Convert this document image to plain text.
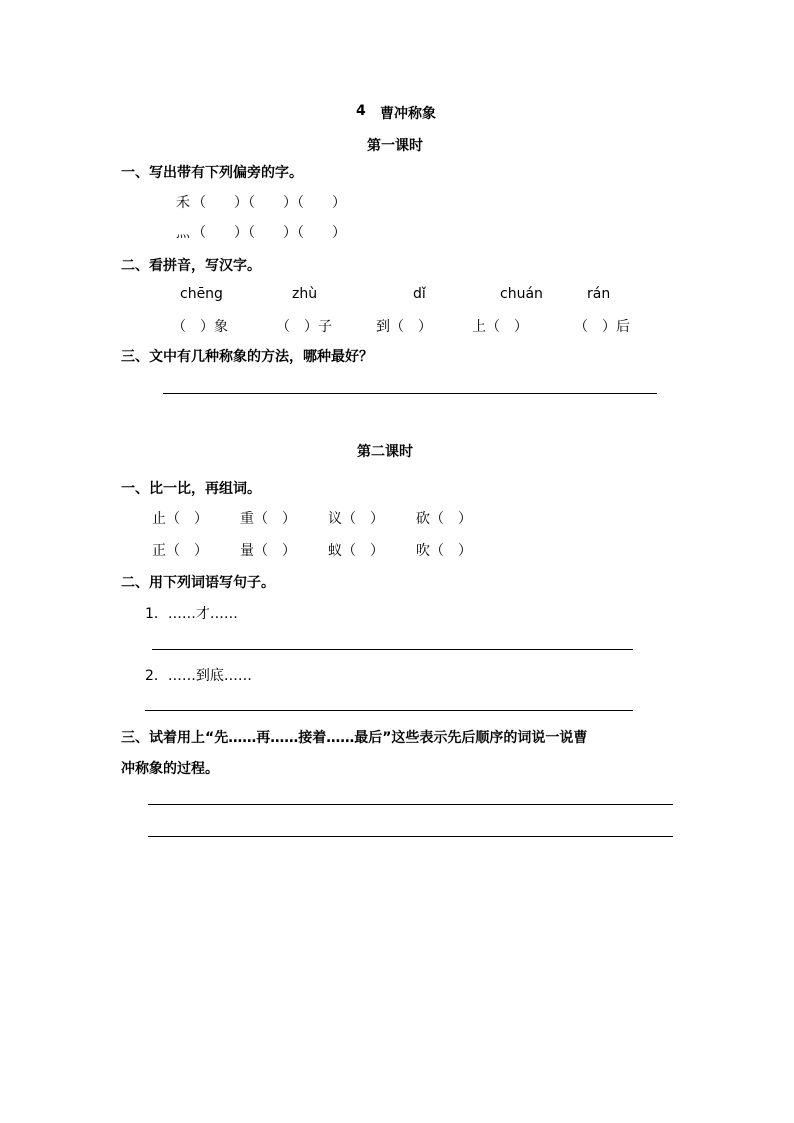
4 曹冲称象
第一课时
一、写出带有下列偏旁的字。
禾 （　　）（　　）（　　）
灬 （　　）（　　）（　　）
二、看拼音，写汉字。
chēng	zhù	dǐ	chuán	rán
（　）象	（　）子	到（　）	上（　）	（　）后
三、文中有几种称象的方法，哪种最好？
第二课时
一、比一比，再组词。
止（　） 重（　） 议（　） 砍（　）
正（　） 量（　） 蚁（　） 吹（　）
二、用下列词语写句子。
1．……才……
2．……到底……
三、试着用上“先……再……接着……最后”这些表示先后顺序的词说一说曹
冲称象的过程。
